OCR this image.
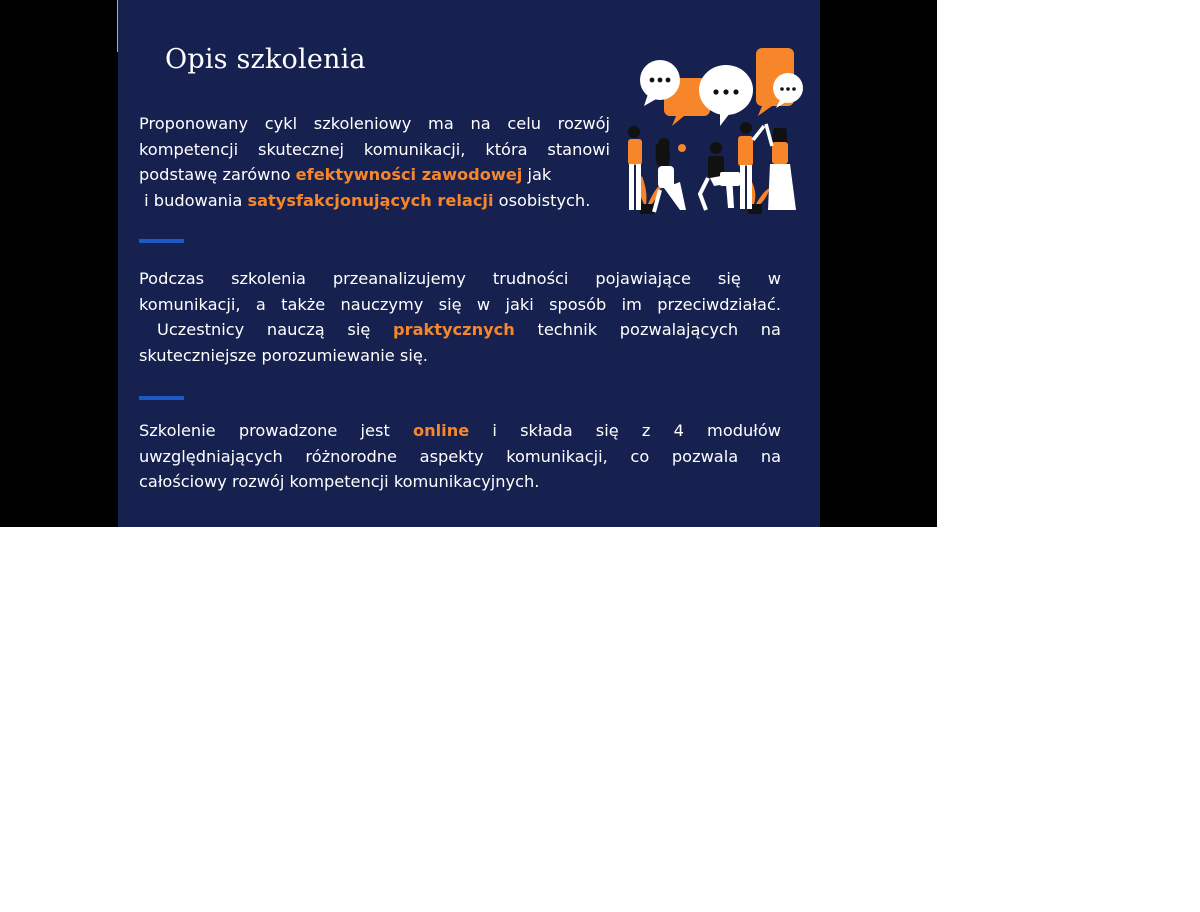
Opis szkolenia

Proponowany cykl szkoleniowy ma na celu rozwój
kompetencji skutecznej komunikacji, która stanowi
podstawę zarówno efektywności zawodowej jak
i budowania satysfakcjonujących relacji osobistych.

Podczas szkolenia przeanalizujemy trudności pojawiające się w
komunikacji, a także nauczymy się w jaki sposób im przeciwdziałać.
Uczestnicy nauczą się praktycznych technik pozwalających na
skuteczniejsze porozumiewanie się.

Szkolenie prowadzone jest online i składa się z 4 modułów
uwzględniających różnorodne aspekty komunikacji, co pozwala na
całościowy rozwój kompetencji komunikacyjnych.
